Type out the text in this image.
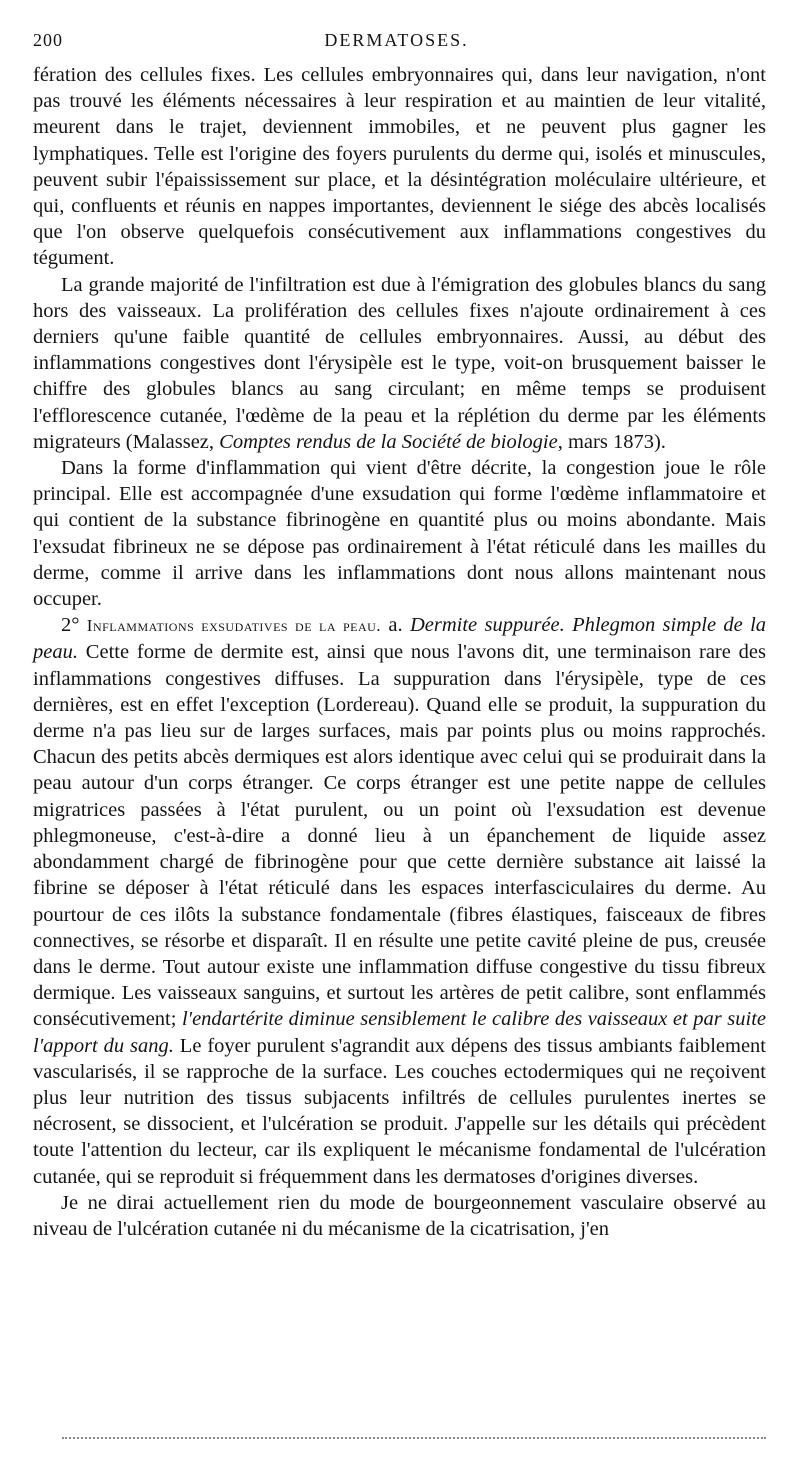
200	DERMATOSES.

fération des cellules fixes. Les cellules embryonnaires qui, dans leur navigation, n'ont pas trouvé les éléments nécessaires à leur respiration et au maintien de leur vitalité, meurent dans le trajet, deviennent immobiles, et ne peuvent plus gagner les lymphatiques. Telle est l'origine des foyers purulents du derme qui, isolés et minuscules, peuvent subir l'épaississement sur place, et la désintégration moléculaire ultérieure, et qui, confluents et réunis en nappes importantes, deviennent le siége des abcès localisés que l'on observe quelquefois consécutivement aux inflammations congestives du tégument.

La grande majorité de l'infiltration est due à l'émigration des globules blancs du sang hors des vaisseaux. La prolifération des cellules fixes n'ajoute ordinairement à ces derniers qu'une faible quantité de cellules embryonnaires. Aussi, au début des inflammations congestives dont l'érysipèle est le type, voit-on brusquement baisser le chiffre des globules blancs au sang circulant; en même temps se produisent l'efflorescence cutanée, l'œdème de la peau et la réplétion du derme par les éléments migrateurs (Malassez, Comptes rendus de la Société de biologie, mars 1873).

Dans la forme d'inflammation qui vient d'être décrite, la congestion joue le rôle principal. Elle est accompagnée d'une exsudation qui forme l'œdème inflammatoire et qui contient de la substance fibrinogène en quantité plus ou moins abondante. Mais l'exsudat fibrineux ne se dépose pas ordinairement à l'état réticulé dans les mailles du derme, comme il arrive dans les inflammations dont nous allons maintenant nous occuper.

2° Inflammations exsudatives de la peau. a. Dermite suppurée. Phlegmon simple de la peau. Cette forme de dermite est, ainsi que nous l'avons dit, une terminaison rare des inflammations congestives diffuses. La suppuration dans l'érysipèle, type de ces dernières, est en effet l'exception (Lordereau). Quand elle se produit, la suppuration du derme n'a pas lieu sur de larges surfaces, mais par points plus ou moins rapprochés. Chacun des petits abcès dermiques est alors identique avec celui qui se produirait dans la peau autour d'un corps étranger. Ce corps étranger est une petite nappe de cellules migratrices passées à l'état purulent, ou un point où l'exsudation est devenue phlegmoneuse, c'est-à-dire a donné lieu à un épanchement de liquide assez abondamment chargé de fibrinogène pour que cette dernière substance ait laissé la fibrine se déposer à l'état réticulé dans les espaces interfasciculaires du derme. Au pourtour de ces ilôts la substance fondamentale (fibres élastiques, faisceaux de fibres connectives, se résorbe et disparaît. Il en résulte une petite cavité pleine de pus, creusée dans le derme. Tout autour existe une inflammation diffuse congestive du tissu fibreux dermique. Les vaisseaux sanguins, et surtout les artères de petit calibre, sont enflammés consécutivement; l'endartérite diminue sensiblement le calibre des vaisseaux et par suite l'apport du sang. Le foyer purulent s'agrandit aux dépens des tissus ambiants faiblement vascularisés, il se rapproche de la surface. Les couches ectodermiques qui ne reçoivent plus leur nutrition des tissus subjacents infiltrés de cellules purulentes inertes se nécrosent, se dissocient, et l'ulcération se produit. J'appelle sur les détails qui précèdent toute l'attention du lecteur, car ils expliquent le mécanisme fondamental de l'ulcération cutanée, qui se reproduit si fréquemment dans les dermatoses d'origines diverses.

Je ne dirai actuellement rien du mode de bourgeonnement vasculaire observé au niveau de l'ulcération cutanée ni du mécanisme de la cicatrisation, j'en
